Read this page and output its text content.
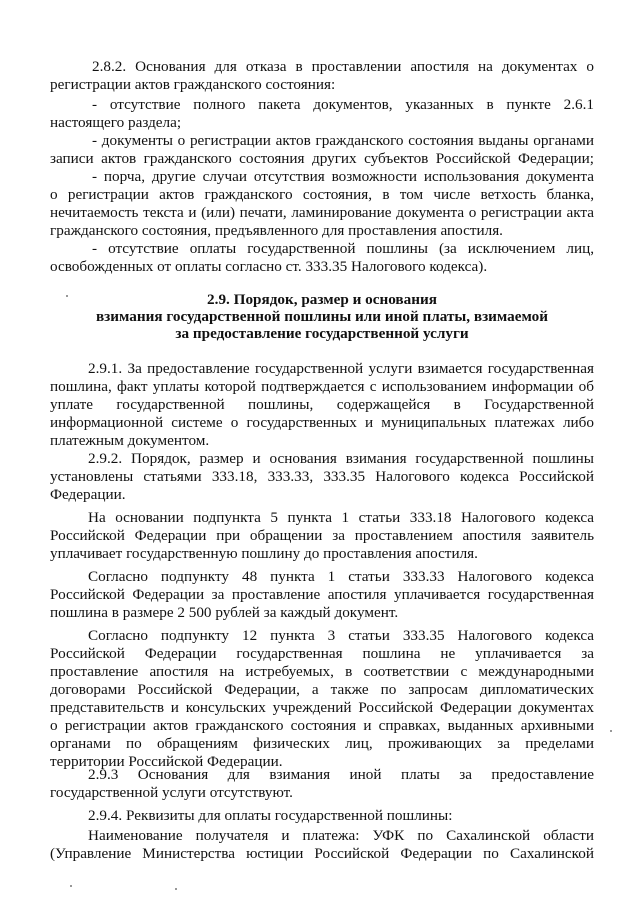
2.8.2. Основания для отказа в проставлении апостиля на документах о
регистрации актов гражданского состояния:
- отсутствие полного пакета документов, указанных в пункте 2.6.1
настоящего раздела;
- документы о регистрации актов гражданского состояния выданы органами
записи актов гражданского состояния других субъектов Российской Федерации;
- порча, другие случаи отсутствия возможности использования документа
о регистрации актов гражданского состояния, в том числе ветхость бланка,
нечитаемость текста и (или) печати, ламинирование документа о регистрации акта
гражданского состояния, предъявленного для проставления апостиля.
- отсутствие оплаты государственной пошлины (за исключением лиц,
освобожденных от оплаты согласно ст. 333.35 Налогового кодекса).
2.9. Порядок, размер и основания
взимания государственной пошлины или иной платы, взимаемой
за предоставление государственной услуги
2.9.1. За предоставление государственной услуги взимается государственная
пошлина, факт уплаты которой подтверждается с использованием информации об
уплате государственной пошлины, содержащейся в Государственной
информационной системе о государственных и муниципальных платежах либо
платежным документом.
2.9.2. Порядок, размер и основания взимания государственной пошлины
установлены статьями 333.18, 333.33, 333.35 Налогового кодекса Российской
Федерации.
На основании подпункта 5 пункта 1 статьи 333.18 Налогового кодекса
Российской Федерации при обращении за проставлением апостиля заявитель
уплачивает государственную пошлину до проставления апостиля.
Согласно подпункту 48 пункта 1 статьи 333.33 Налогового кодекса
Российской Федерации за проставление апостиля уплачивается государственная
пошлина в размере 2 500 рублей за каждый документ.
Согласно подпункту 12 пункта 3 статьи 333.35 Налогового кодекса
Российской Федерации государственная пошлина не уплачивается за
проставление апостиля на истребуемых, в соответствии с международными
договорами Российской Федерации, а также по запросам дипломатических
представительств и консульских учреждений Российской Федерации документах
о регистрации актов гражданского состояния и справках, выданных архивными
органами по обращениям физических лиц, проживающих за пределами
территории Российской Федерации.
2.9.3 Основания для взимания иной платы за предоставление
государственной услуги отсутствуют.
2.9.4. Реквизиты для оплаты государственной пошлины:
Наименование получателя и платежа: УФК по Сахалинской области
(Управление Министерства юстиции Российской Федерации по Сахалинской
